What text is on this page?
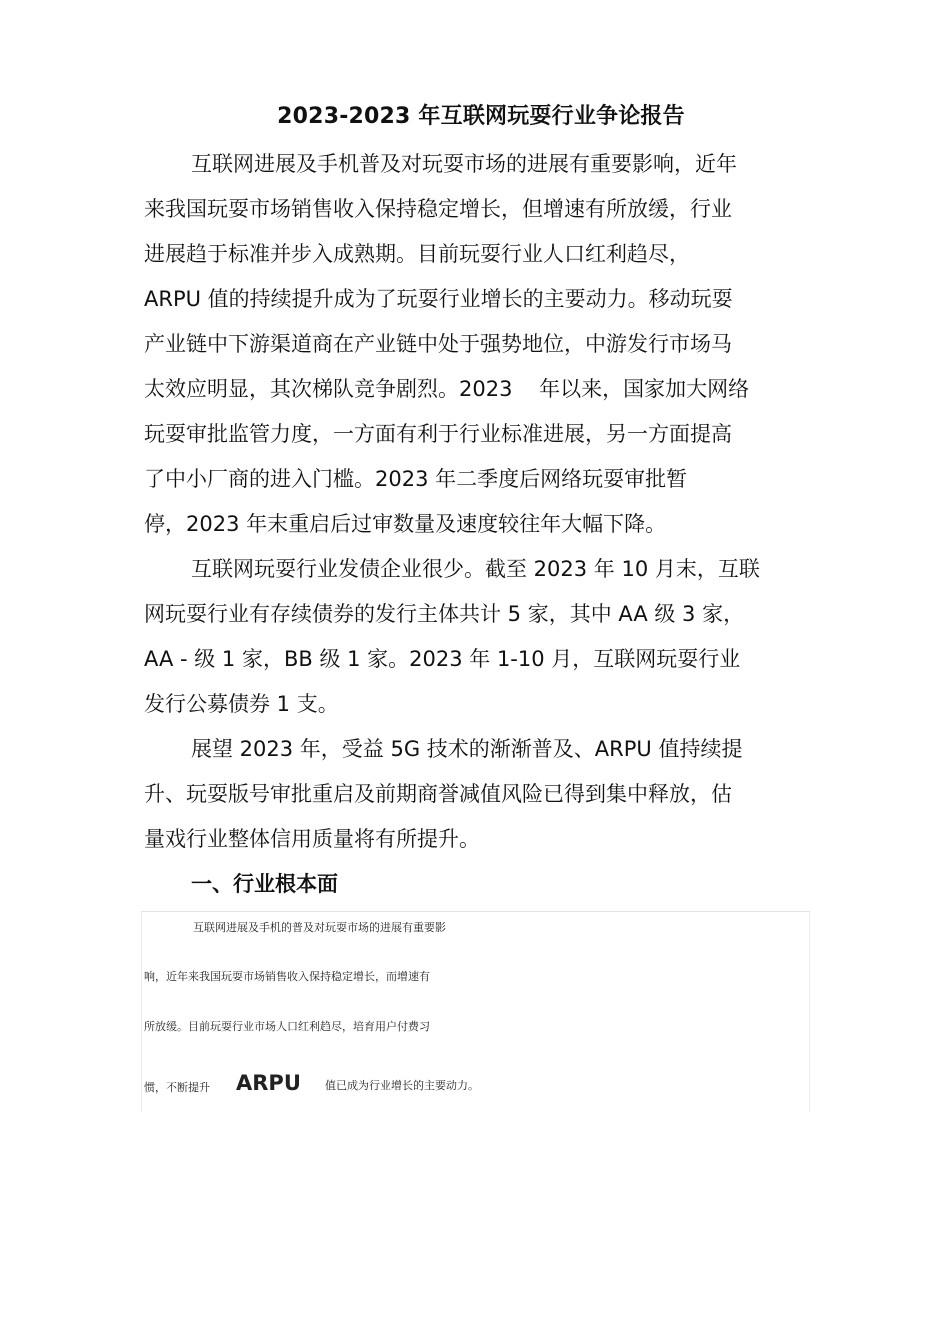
2023-2023 年互联网玩耍行业争论报告
互联网进展及手机普及对玩耍市场的进展有重要影响，近年
来我国玩耍市场销售收入保持稳定增长，但增速有所放缓，行业
进展趋于标准并步入成熟期。目前玩耍行业人口红利趋尽，
ARPU 值的持续提升成为了玩耍行业增长的主要动力。移动玩耍
产业链中下游渠道商在产业链中处于强势地位，中游发行市场马
太效应明显，其次梯队竞争剧烈。2023    年以来，国家加大网络
玩耍审批监管力度，一方面有利于行业标准进展，另一方面提高
了中小厂商的进入门槛。2023 年二季度后网络玩耍审批暂
停，2023 年末重启后过审数量及速度较往年大幅下降。
互联网玩耍行业发债企业很少。截至 2023 年 10 月末，互联
网玩耍行业有存续债券的发行主体共计 5 家，其中 AA 级 3 家，
AA - 级 1 家，BB 级 1 家。2023 年 1-10 月，互联网玩耍行业
发行公募债券 1 支。
展望 2023 年，受益 5G 技术的渐渐普及、ARPU 值持续提
升、玩耍版号审批重启及前期商誉减值风险已得到集中释放，估
量戏行业整体信用质量将有所提升。
一、行业根本面
互联网进展及手机的普及对玩耍市场的进展有重要影
响，近年来我国玩耍市场销售收入保持稳定增长，而增速有
所放缓。目前玩耍行业市场人口红利趋尽，培育用户付费习
惯，不断提升 ARPU 值已成为行业增长的主要动力。
